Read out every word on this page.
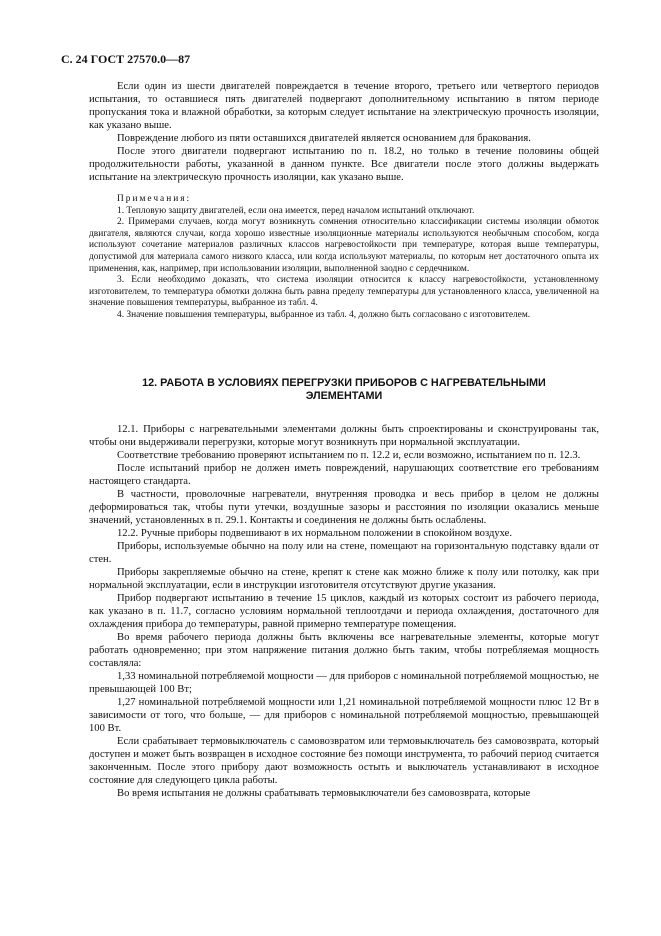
С. 24 ГОСТ 27570.0—87

Если один из шести двигателей повреждается в течение второго, третьего или четвертого периодов испытания, то оставшиеся пять двигателей подвергают дополнительному испытанию в пятом периоде пропускания тока и влажной обработки, за которым следует испытание на электрическую прочность изоляции, как указано выше.

Повреждение любого из пяти оставшихся двигателей является основанием для бракования.

После этого двигатели подвергают испытанию по п. 18.2, но только в течение половины общей продолжительности работы, указанной в данном пункте. Все двигатели после этого должны выдержать испытание на электрическую прочность изоляции, как указано выше.

Примечания:

1. Тепловую защиту двигателей, если она имеется, перед началом испытаний отключают.

2. Примерами случаев, когда могут возникнуть сомнения относительно классификации системы изоляции обмоток двигателя, являются случаи, когда хорошо известные изоляционные материалы используются необычным способом, когда используют сочетание материалов различных классов нагревостойкости при температуре, которая выше температуры, допустимой для материала самого низкого класса, или когда используют материалы, по которым нет достаточного опыта их применения, как, например, при использовании изоляции, выполненной заодно с сердечником.

3. Если необходимо доказать, что система изоляции относится к классу нагревостойкости, установленному изготовителем, то температура обмотки должна быть равна пределу температуры для установленного класса, увеличенной на значение повышения температуры, выбранное из табл. 4.

4. Значение повышения температуры, выбранное из табл. 4, должно быть согласовано с изготовителем.

12. РАБОТА В УСЛОВИЯХ ПЕРЕГРУЗКИ ПРИБОРОВ С НАГРЕВАТЕЛЬНЫМИ
ЭЛЕМЕНТАМИ

12.1. Приборы с нагревательными элементами должны быть спроектированы и сконструированы так, чтобы они выдерживали перегрузки, которые могут возникнуть при нормальной эксплуатации.

Соответствие требованию проверяют испытанием по п. 12.2 и, если возможно, испытанием по п. 12.3.

После испытаний прибор не должен иметь повреждений, нарушающих соответствие его требованиям настоящего стандарта.

В частности, проволочные нагреватели, внутренняя проводка и весь прибор в целом не должны деформироваться так, чтобы пути утечки, воздушные зазоры и расстояния по изоляции оказались меньше значений, установленных в п. 29.1. Контакты и соединения не должны быть ослаблены.

12.2. Ручные приборы подвешивают в их нормальном положении в спокойном воздухе.

Приборы, используемые обычно на полу или на стене, помещают на горизонтальную подставку вдали от стен.

Приборы закрепляемые обычно на стене, крепят к стене как можно ближе к полу или потолку, как при нормальной эксплуатации, если в инструкции изготовителя отсутствуют другие указания.

Прибор подвергают испытанию в течение 15 циклов, каждый из которых состоит из рабочего периода, как указано в п. 11.7, согласно условиям нормальной теплоотдачи и периода охлаждения, достаточного для охлаждения прибора до температуры, равной примерно температуре помещения.

Во время рабочего периода должны быть включены все нагревательные элементы, которые могут работать одновременно; при этом напряжение питания должно быть таким, чтобы потребляемая мощность составляла:

1,33 номинальной потребляемой мощности — для приборов с номинальной потребляемой мощностью, не превышающей 100 Вт;

1,27 номинальной потребляемой мощности или 1,21 номинальной потребляемой мощности плюс 12 Вт в зависимости от того, что больше, — для приборов с номинальной потребляемой мощностью, превышающей 100 Вт.

Если срабатывает термовыключатель с самовозвратом или термовыключатель без самовозврата, который доступен и может быть возвращен в исходное состояние без помощи инструмента, то рабочий период считается законченным. После этого прибору дают возможность остыть и выключатель устанавливают в исходное состояние для следующего цикла работы.

Во время испытания не должны срабатывать термовыключатели без самовозврата, которые
